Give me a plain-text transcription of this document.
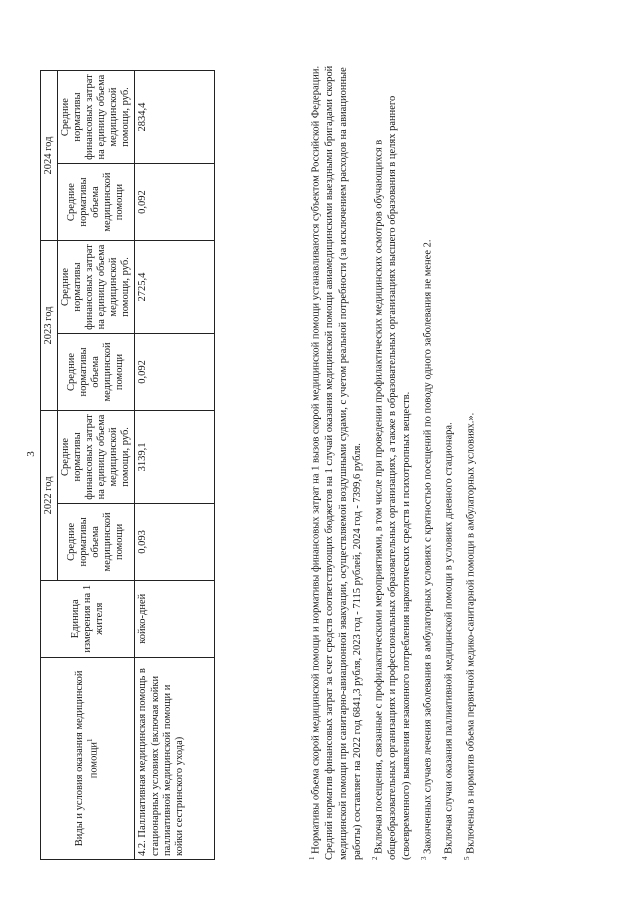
3
Виды и условия оказания медицинской помощи$^1$	Единица измерения на 1 жителя	2022 год		2023 год		2024 год	
		Средние нормативы объема медицинской помощи	Средние нормативы финансовых затрат на единицу объема медицинской помощи, руб.	Средние нормативы объема медицинской помощи	Средние нормативы финансовых затрат на единицу объема медицинской помощи, руб.	Средние нормативы объема медицинской помощи	Средние нормативы финансовых затрат на единицу объема медицинской помощи, руб.
4.2. Паллиативная медицинская помощь в стационарных условиях (включая койки паллиативной медицинской помощи и койки сестринского ухода)	койко-дней	0,093	3139,1	0,092	2725,4	0,092	2834,4

$^1$ Нормативы объема скорой медицинской помощи и нормативы финансовых затрат на 1 вызов скорой медицинской помощи устанавливаются субъектом Российской Федерации. Средний норматив финансовых затрат за счет средств соответствующих бюджетов на 1 случай оказания медицинской помощи авиамедицинскими выездными бригадами скорой медицинской помощи при санитарно-авиационной эвакуации, осуществляемой воздушными судами, с учетом реальной потребности (за исключением расходов на авиационные работы) составляет на 2022 год 6841,3 рубля, 2023 год - 7115 рублей, 2024 год - 7399,6 рубля. $^2$ Включая посещения, связанные с профилактическими мероприятиями, в том числе при проведении профилактических медицинских осмотров обучающихся в общеобразовательных организациях и профессиональных образовательных организациях, а также в образовательных организациях высшего образования в целях раннего (своевременного) выявления незаконного потребления наркотических средств и психотропных веществ. $^3$ Законченных случаев лечения заболевания в амбулаторных условиях с кратностью посещений по поводу одного заболевания не менее 2.

$^4$ Включая случаи оказания паллиативной медицинской помощи в условиях дневного стационара.

$^5$ Включены в норматив объема первичной медико-санитарной помощи в амбулаторных условиях.».
